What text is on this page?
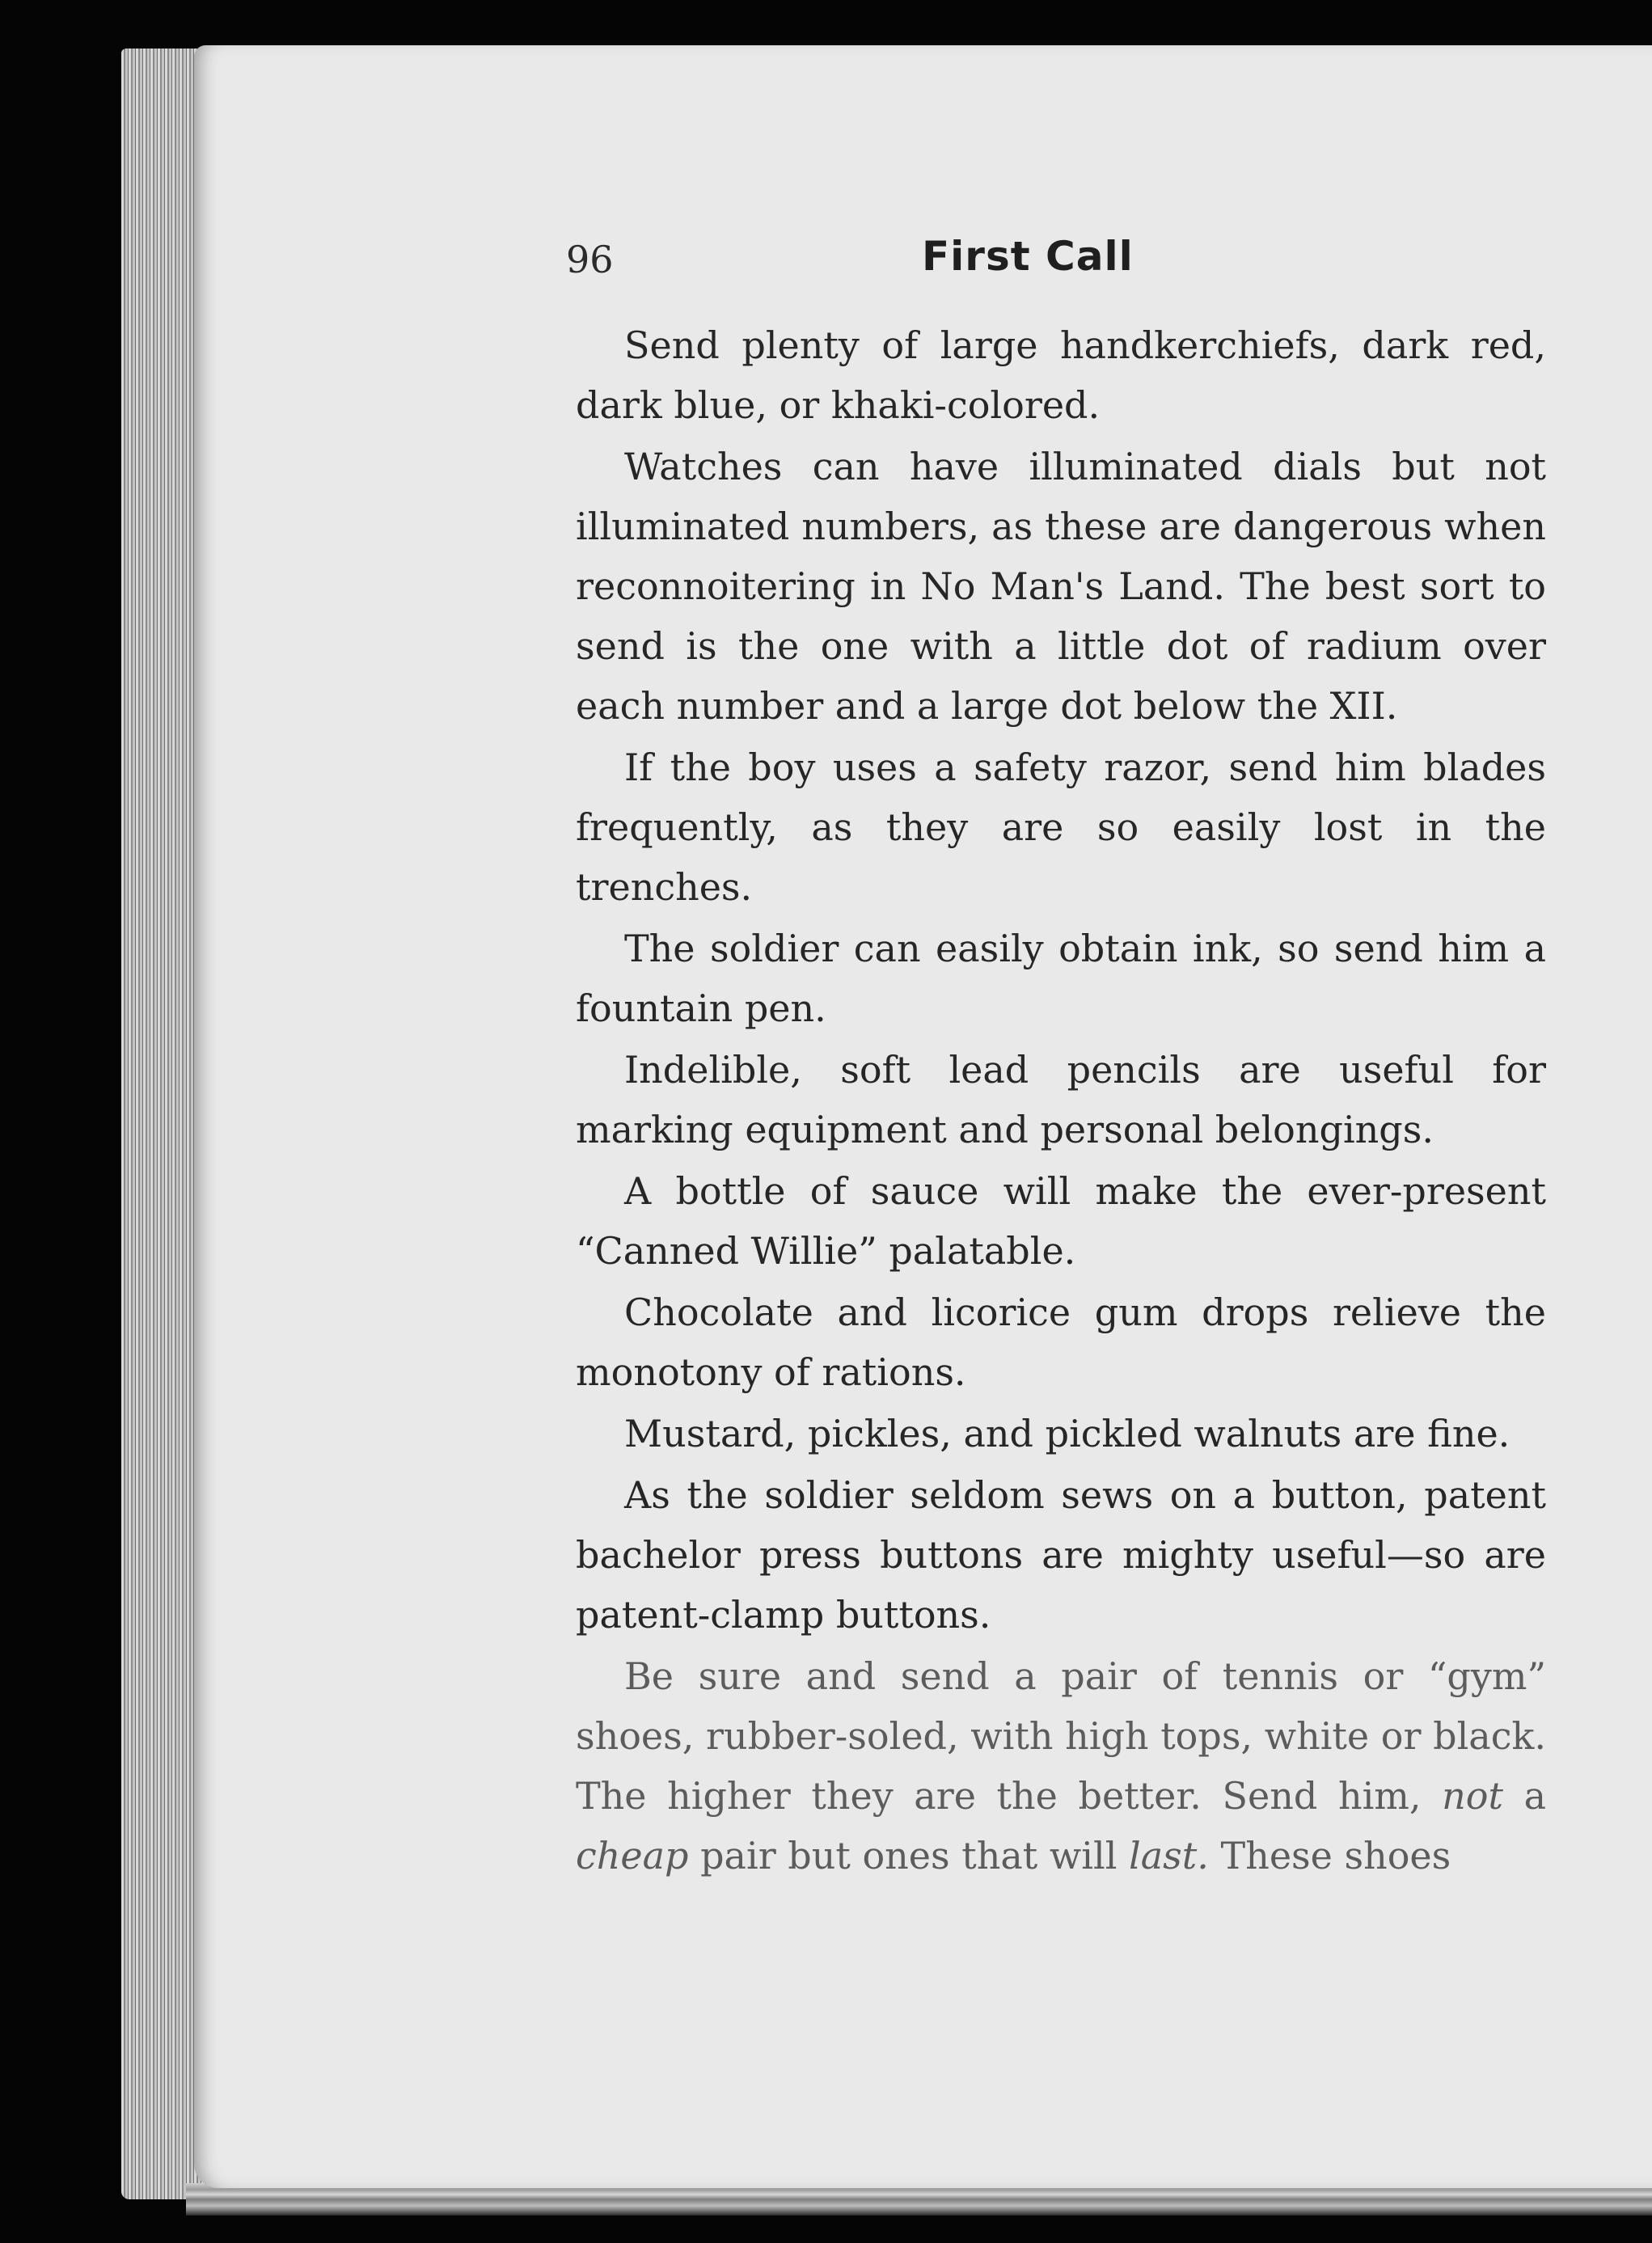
96	First Call

Send plenty of large handkerchiefs, dark red, dark blue, or khaki-colored.

Watches can have illuminated dials but not illuminated numbers, as these are dangerous when reconnoitering in No Man's Land. The best sort to send is the one with a little dot of radium over each number and a large dot below the XII.

If the boy uses a safety razor, send him blades frequently, as they are so easily lost in the trenches.

The soldier can easily obtain ink, so send him a fountain pen.

Indelible, soft lead pencils are useful for marking equipment and personal belongings.

A bottle of sauce will make the ever-present “Canned Willie” palatable.

Chocolate and licorice gum drops relieve the monotony of rations.

Mustard, pickles, and pickled walnuts are fine.

As the soldier seldom sews on a button, patent bachelor press buttons are mighty useful—so are patent-clamp buttons.

Be sure and send a pair of tennis or “gym” shoes, rubber-soled, with high tops, white or black. The higher they are the better. Send him, not a cheap pair but ones that will last. These shoes
